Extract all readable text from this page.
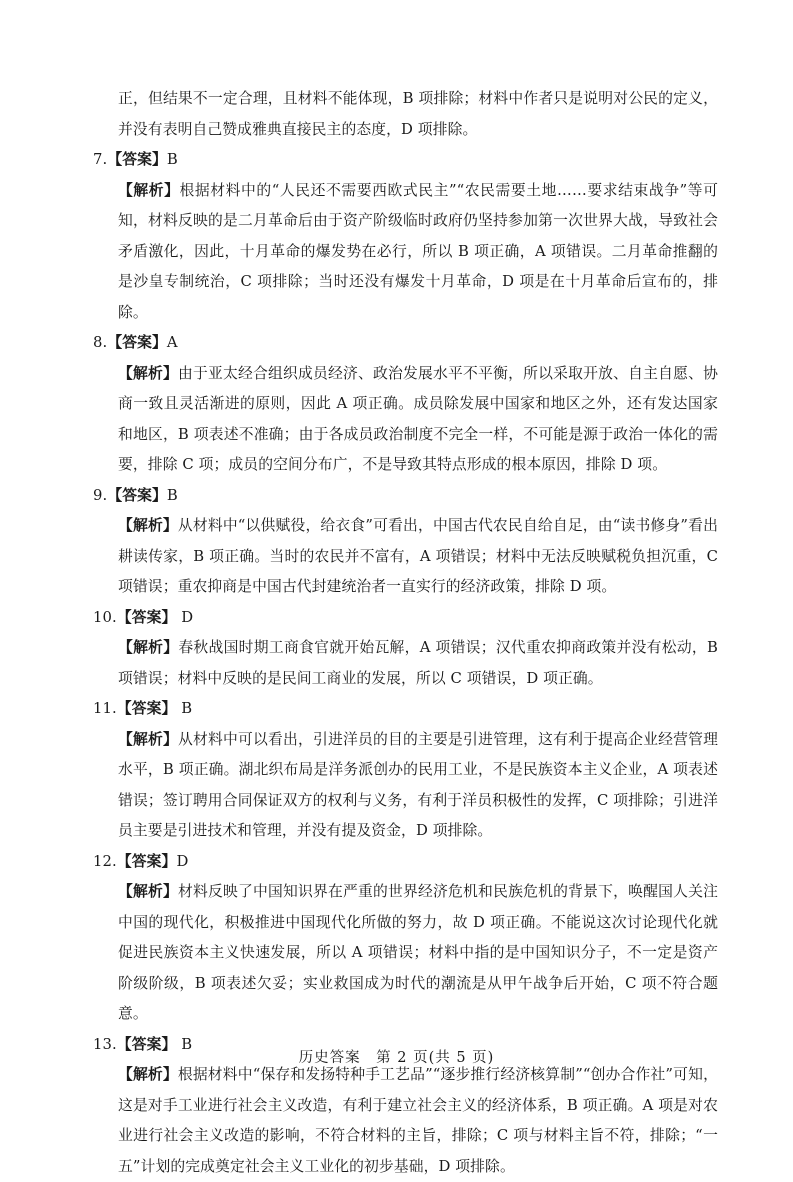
正，但结果不一定合理，且材料不能体现，B 项排除；材料中作者只是说明对公民的定义，并没有表明自己赞成雅典直接民主的态度，D 项排除。

7.【答案】B

【解析】根据材料中的“人民还不需要西欧式民主”“农民需要土地……要求结束战争”等可知，材料反映的是二月革命后由于资产阶级临时政府仍坚持参加第一次世界大战，导致社会矛盾激化，因此，十月革命的爆发势在必行，所以 B 项正确，A 项错误。二月革命推翻的是沙皇专制统治，C 项排除；当时还没有爆发十月革命，D 项是在十月革命后宣布的，排除。

8.【答案】A

【解析】由于亚太经合组织成员经济、政治发展水平不平衡，所以采取开放、自主自愿、协商一致且灵活渐进的原则，因此 A 项正确。成员除发展中国家和地区之外，还有发达国家和地区，B 项表述不准确；由于各成员政治制度不完全一样，不可能是源于政治一体化的需要，排除 C 项；成员的空间分布广，不是导致其特点形成的根本原因，排除 D 项。

9.【答案】B

【解析】从材料中“以供赋役，给衣食”可看出，中国古代农民自给自足，由“读书修身”看出耕读传家，B 项正确。当时的农民并不富有，A 项错误；材料中无法反映赋税负担沉重，C 项错误；重农抑商是中国古代封建统治者一直实行的经济政策，排除 D 项。

10.【答案】 D

【解析】春秋战国时期工商食官就开始瓦解，A 项错误；汉代重农抑商政策并没有松动，B 项错误；材料中反映的是民间工商业的发展，所以 C 项错误，D 项正确。

11.【答案】 B

【解析】从材料中可以看出，引进洋员的目的主要是引进管理，这有利于提高企业经营管理水平，B 项正确。湖北织布局是洋务派创办的民用工业，不是民族资本主义企业，A 项表述错误；签订聘用合同保证双方的权利与义务，有利于洋员积极性的发挥，C 项排除；引进洋员主要是引进技术和管理，并没有提及资金，D 项排除。

12.【答案】D

【解析】材料反映了中国知识界在严重的世界经济危机和民族危机的背景下，唤醒国人关注中国的现代化，积极推进中国现代化所做的努力，故 D 项正确。不能说这次讨论现代化就促进民族资本主义快速发展，所以 A 项错误；材料中指的是中国知识分子，不一定是资产阶级阶级，B 项表述欠妥；实业救国成为时代的潮流是从甲午战争后开始，C 项不符合题意。

13.【答案】 B

【解析】根据材料中“保存和发扬特种手工艺品”“逐步推行经济核算制”“创办合作社”可知，这是对手工业进行社会主义改造，有利于建立社会主义的经济体系，B 项正确。A 项是对农业进行社会主义改造的影响，不符合材料的主旨，排除；C 项与材料主旨不符，排除；“一五”计划的完成奠定社会主义工业化的初步基础，D 项排除。

历史答案　第 2 页(共 5 页)
